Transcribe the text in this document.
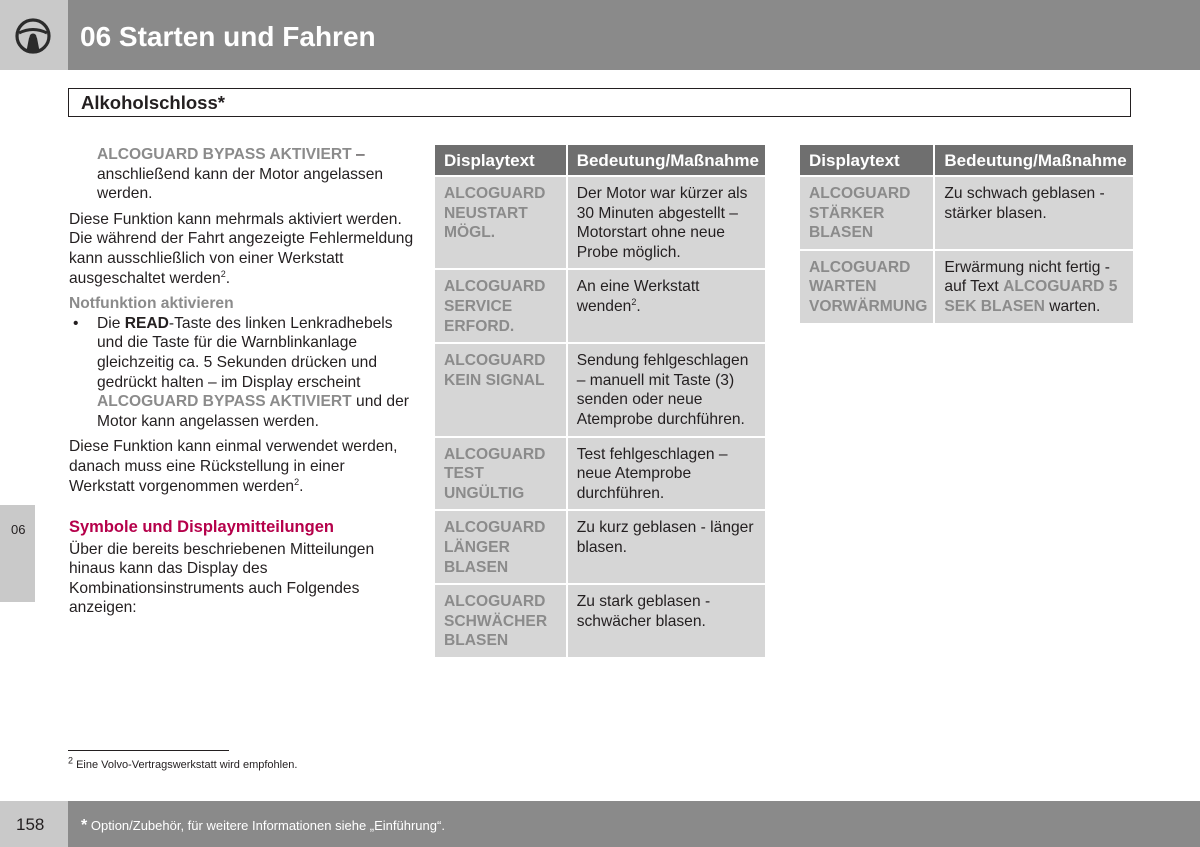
06 Starten und Fahren
Alkoholschloss*

ALCOGUARD BYPASS AKTIVIERT – anschließend kann der Motor angelassen werden.

Diese Funktion kann mehrmals aktiviert werden. Die während der Fahrt angezeigte Fehlermeldung kann ausschließlich von einer Werkstatt ausgeschaltet werden$^2$.

Notfunktion aktivieren
• Die READ-Taste des linken Lenkradhebels und die Taste für die Warnblinkanlage gleichzeitig ca. 5 Sekunden drücken und gedrückt halten – im Display erscheint ALCOGUARD BYPASS AKTIVIERT und der Motor kann angelassen werden.

Diese Funktion kann einmal verwendet werden, danach muss eine Rückstellung in einer Werkstatt vorgenommen werden$^2$.

Symbole und Displaymitteilungen

Über die bereits beschriebenen Mitteilungen hinaus kann das Display des Kombinationsinstruments auch Folgendes anzeigen:

06
Displaytext	Bedeutung/Maßnahme
ALCOGUARD NEUSTART MÖGL.	Der Motor war kürzer als 30 Minuten abgestellt – Motorstart ohne neue Probe möglich.
ALCOGUARD SERVICE ERFORD.	An eine Werkstatt wenden$^2$.
ALCOGUARD KEIN SIGNAL	Sendung fehlgeschlagen – manuell mit Taste (3) senden oder neue Atemprobe durchführen.
ALCOGUARD TEST UNGÜLTIG	Test fehlgeschlagen – neue Atemprobe durchführen.
ALCOGUARD LÄNGER BLASEN	Zu kurz geblasen - länger blasen.
ALCOGUARD SCHWÄCHER BLASEN	Zu stark geblasen - schwächer blasen.
Displaytext	Bedeutung/Maßnahme
ALCOGUARD STÄRKER BLASEN	Zu schwach geblasen - stärker blasen.
ALCOGUARD WARTEN VORWÄRMUNG	Erwärmung nicht fertig - auf Text ALCOGUARD 5 SEK BLASEN warten.
$^2$ Eine Volvo-Vertragswerkstatt wird empfohlen.
158 * Option/Zubehör, für weitere Informationen siehe „Einführung“.
